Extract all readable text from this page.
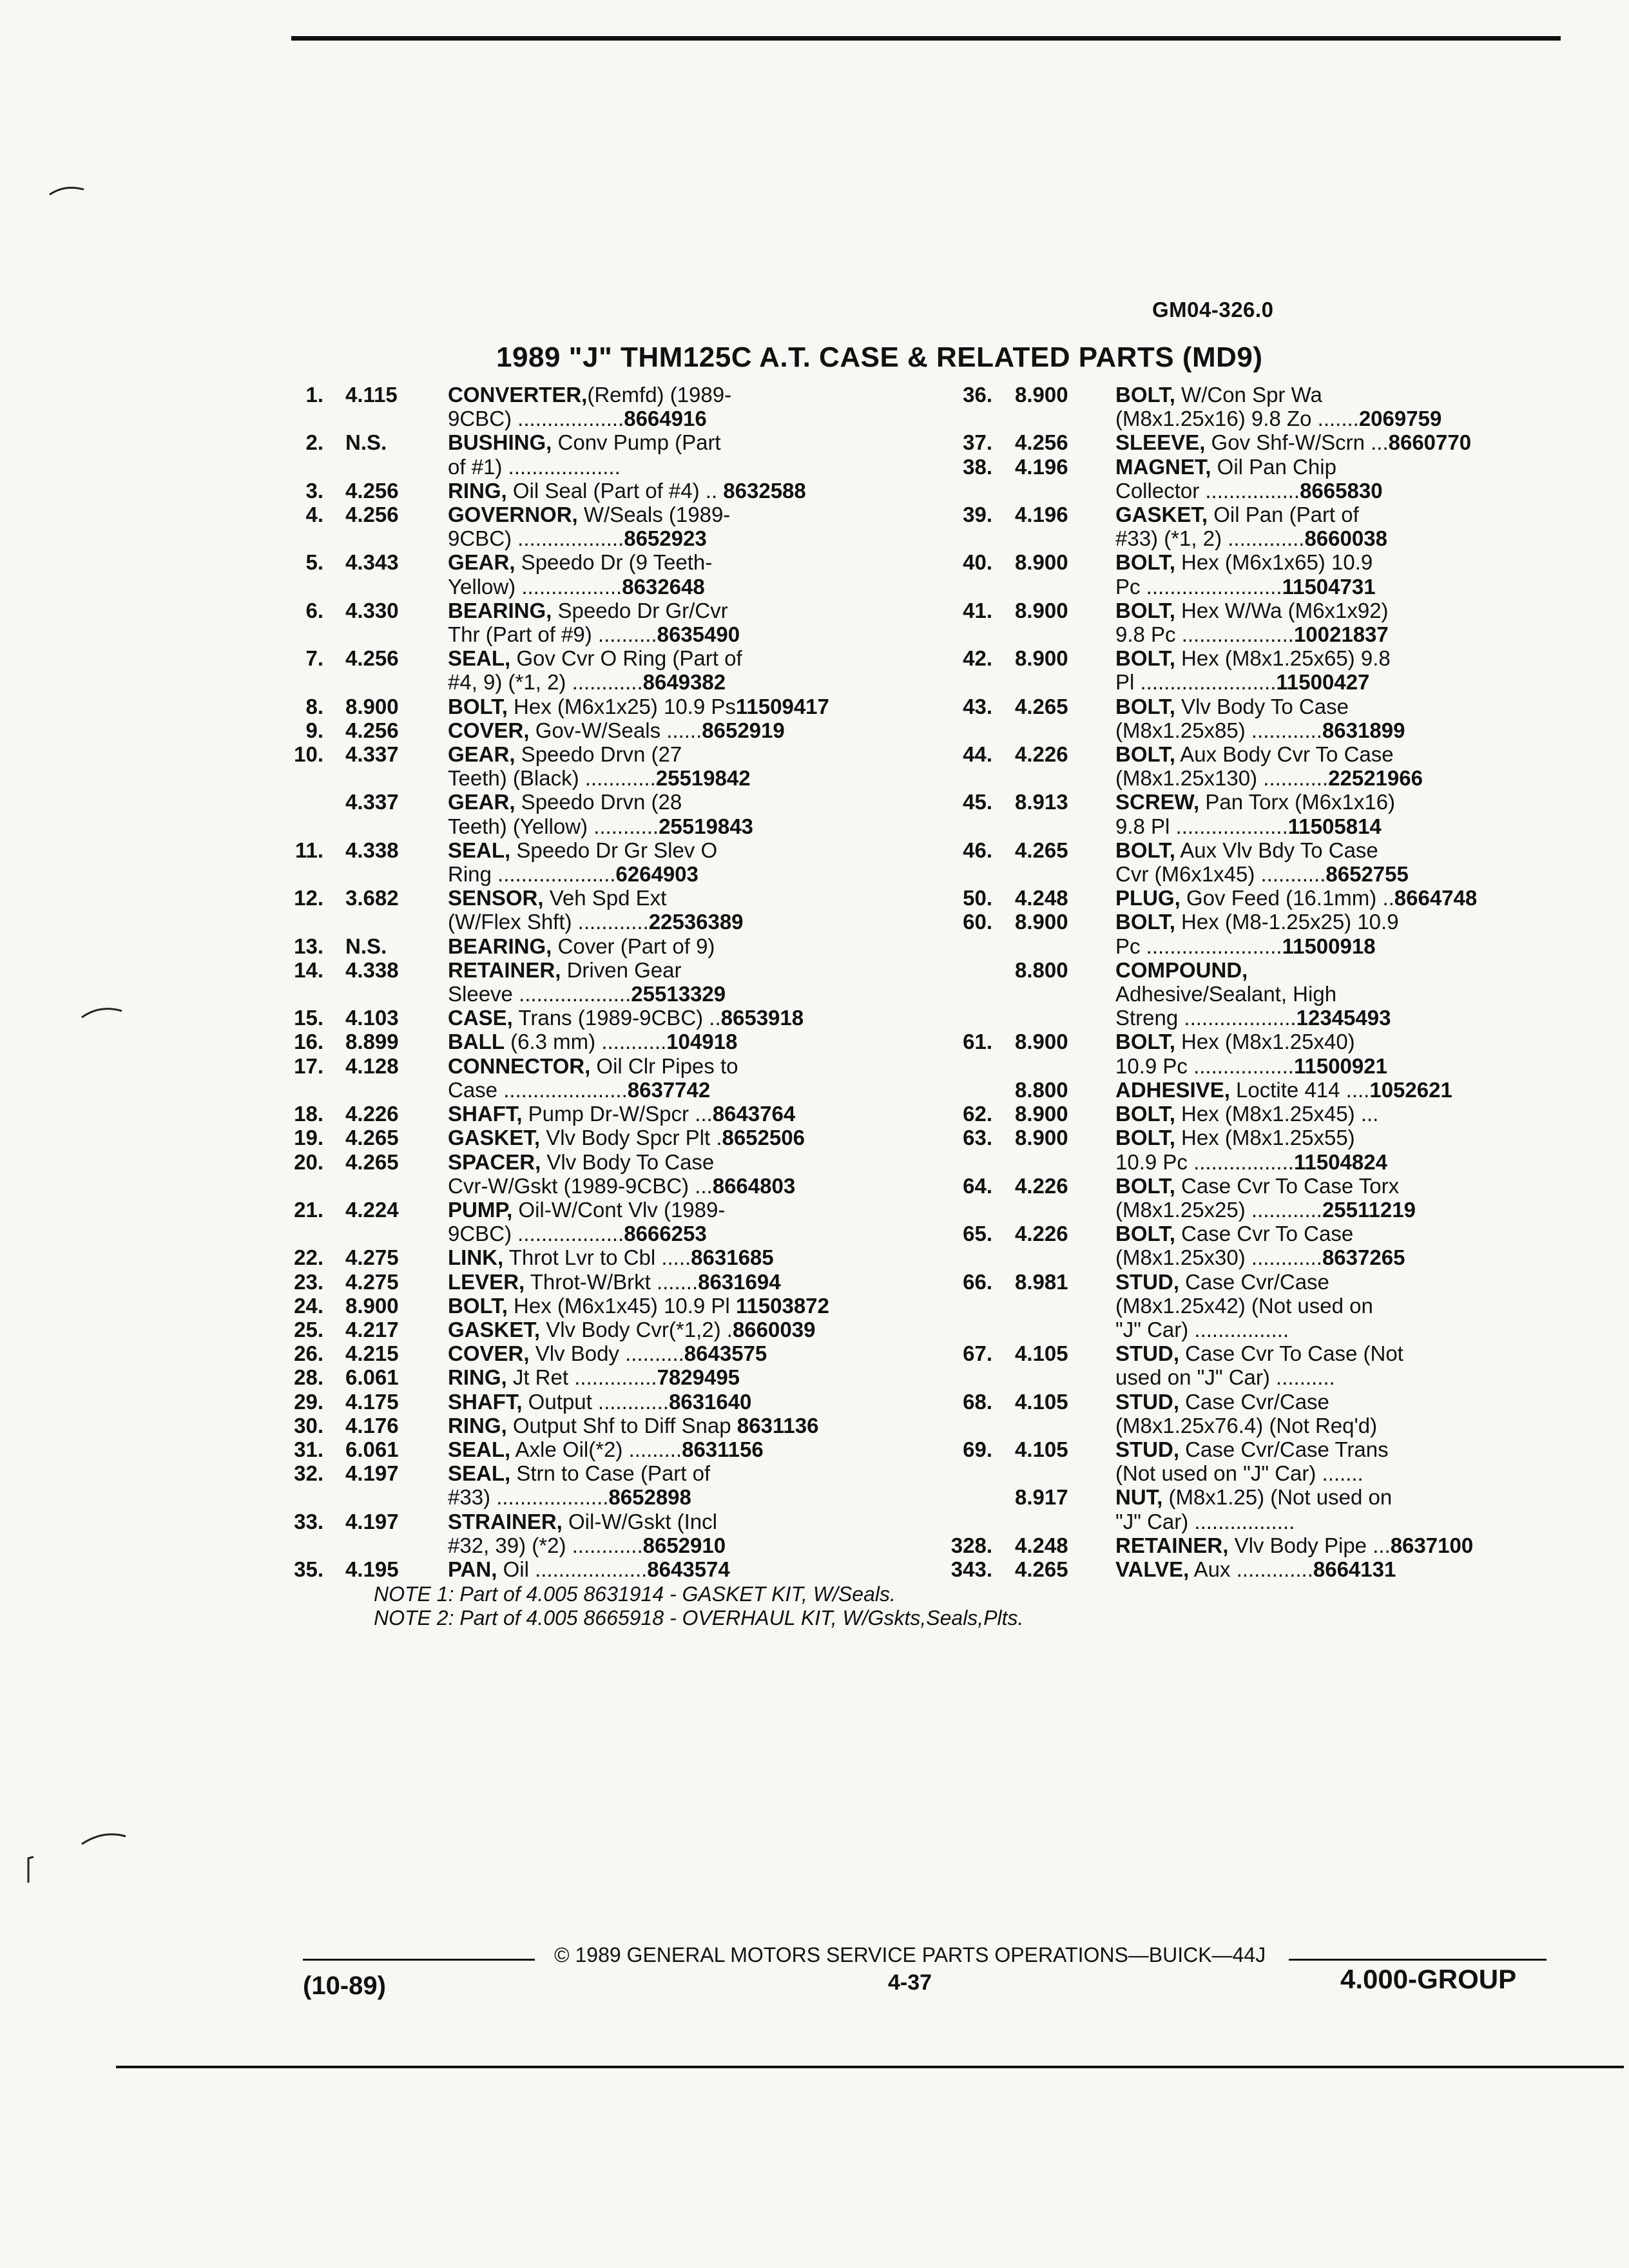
GM04-326.0
1989 "J" THM125C A.T. CASE & RELATED PARTS (MD9)
1. 4.115 CONVERTER,(Remfd) (1989-
9CBC) ..................8664916
2. N.S.	BUSHING, Conv Pump (Part
of #1) ...................
3. 4.256 RING, Oil Seal (Part of #4) .. 8632588
4. 4.256 GOVERNOR, W/Seals (1989-
9CBC) ..................8652923
5. 4.343 GEAR, Speedo Dr (9 Teeth-
Yellow) .................8632648
6. 4.330 BEARING, Speedo Dr Gr/Cvr
Thr (Part of #9) ..........8635490
7. 4.256 SEAL, Gov Cvr O Ring (Part of
#4, 9) (*1, 2) ............8649382
8. 8.900 BOLT, Hex (M6x1x25) 10.9 Ps11509417
9. 4.256 COVER, Gov-W/Seals ......8652919
10. 4.337 GEAR, Speedo Drvn (27
Teeth) (Black) ............25519842
4.337 GEAR, Speedo Drvn (28
Teeth) (Yellow) ...........25519843
11. 4.338 SEAL, Speedo Dr Gr Slev O
Ring ....................6264903
12. 3.682 SENSOR, Veh Spd Ext
(W/Flex Shft) ............22536389
13. N.S.	BEARING, Cover (Part of 9)
14. 4.338 RETAINER, Driven Gear
Sleeve ...................25513329
15. 4.103 CASE, Trans (1989-9CBC) ..8653918
16. 8.899 BALL (6.3 mm) ...........104918
17. 4.128 CONNECTOR, Oil Clr Pipes to
Case .....................8637742
18. 4.226 SHAFT, Pump Dr-W/Spcr ...8643764
19. 4.265 GASKET, Vlv Body Spcr Plt .8652506
20. 4.265 SPACER, Vlv Body To Case
Cvr-W/Gskt (1989-9CBC) ...8664803
21. 4.224 PUMP, Oil-W/Cont Vlv (1989-
9CBC) ..................8666253
22. 4.275 LINK, Throt Lvr to Cbl .....8631685
23. 4.275 LEVER, Throt-W/Brkt .......8631694
24. 8.900 BOLT, Hex (M6x1x45) 10.9 Pl 11503872
25. 4.217 GASKET, Vlv Body Cvr(*1,2) .8660039
26. 4.215 COVER, Vlv Body ..........8643575
28. 6.061 RING, Jt Ret ..............7829495
29. 4.175 SHAFT, Output ............8631640
30. 4.176 RING, Output Shf to Diff Snap 8631136
31. 6.061 SEAL, Axle Oil(*2) .........8631156
32. 4.197 SEAL, Strn to Case (Part of
#33) ...................8652898
33. 4.197 STRAINER, Oil-W/Gskt (Incl
#32, 39) (*2) ............8652910
35. 4.195 PAN, Oil ...................8643574
36. 8.900 BOLT, W/Con Spr Wa
(M8x1.25x16) 9.8 Zo .......2069759
37. 4.256 SLEEVE, Gov Shf-W/Scrn ...8660770
38. 4.196 MAGNET, Oil Pan Chip
Collector ................8665830
39. 4.196 GASKET, Oil Pan (Part of
#33) (*1, 2) .............8660038
40. 8.900 BOLT, Hex (M6x1x65) 10.9
Pc .......................11504731
41. 8.900 BOLT, Hex W/Wa (M6x1x92)
9.8 Pc ...................10021837
42. 8.900 BOLT, Hex (M8x1.25x65) 9.8
Pl .......................11500427
43. 4.265 BOLT, Vlv Body To Case
(M8x1.25x85) ............8631899
44. 4.226 BOLT, Aux Body Cvr To Case
(M8x1.25x130) ...........22521966
45. 8.913 SCREW, Pan Torx (M6x1x16)
9.8 Pl ...................11505814
46. 4.265 BOLT, Aux Vlv Bdy To Case
Cvr (M6x1x45) ...........8652755
50. 4.248 PLUG, Gov Feed (16.1mm) ..8664748
60. 8.900 BOLT, Hex (M8-1.25x25) 10.9
Pc .......................11500918
8.800 COMPOUND,
Adhesive/Sealant, High
Streng ...................12345493
61. 8.900 BOLT, Hex (M8x1.25x40)
10.9 Pc .................11500921
8.800 ADHESIVE, Loctite 414 ....1052621
62. 8.900 BOLT, Hex (M8x1.25x45) ...
63. 8.900 BOLT, Hex (M8x1.25x55)
10.9 Pc .................11504824
64. 4.226 BOLT, Case Cvr To Case Torx
(M8x1.25x25) ............25511219
65. 4.226 BOLT, Case Cvr To Case
(M8x1.25x30) ............8637265
66. 8.981 STUD, Case Cvr/Case
(M8x1.25x42) (Not used on
"J" Car) ................
67. 4.105 STUD, Case Cvr To Case (Not
used on "J" Car) ..........
68. 4.105 STUD, Case Cvr/Case
(M8x1.25x76.4) (Not Req'd)
69. 4.105 STUD, Case Cvr/Case Trans
(Not used on "J" Car) .......
8.917 NUT, (M8x1.25) (Not used on
"J" Car) .................
328. 4.248 RETAINER, Vlv Body Pipe ...8637100
343. 4.265 VALVE, Aux .............8664131
NOTE 1: Part of 4.005 8631914 - GASKET KIT, W/Seals.
NOTE 2: Part of 4.005 8665918 - OVERHAUL KIT, W/Gskts,Seals,Plts.
(10-89)
© 1989 GENERAL MOTORS SERVICE PARTS OPERATIONS—BUICK—44J
4-37	4.000-GROUP
